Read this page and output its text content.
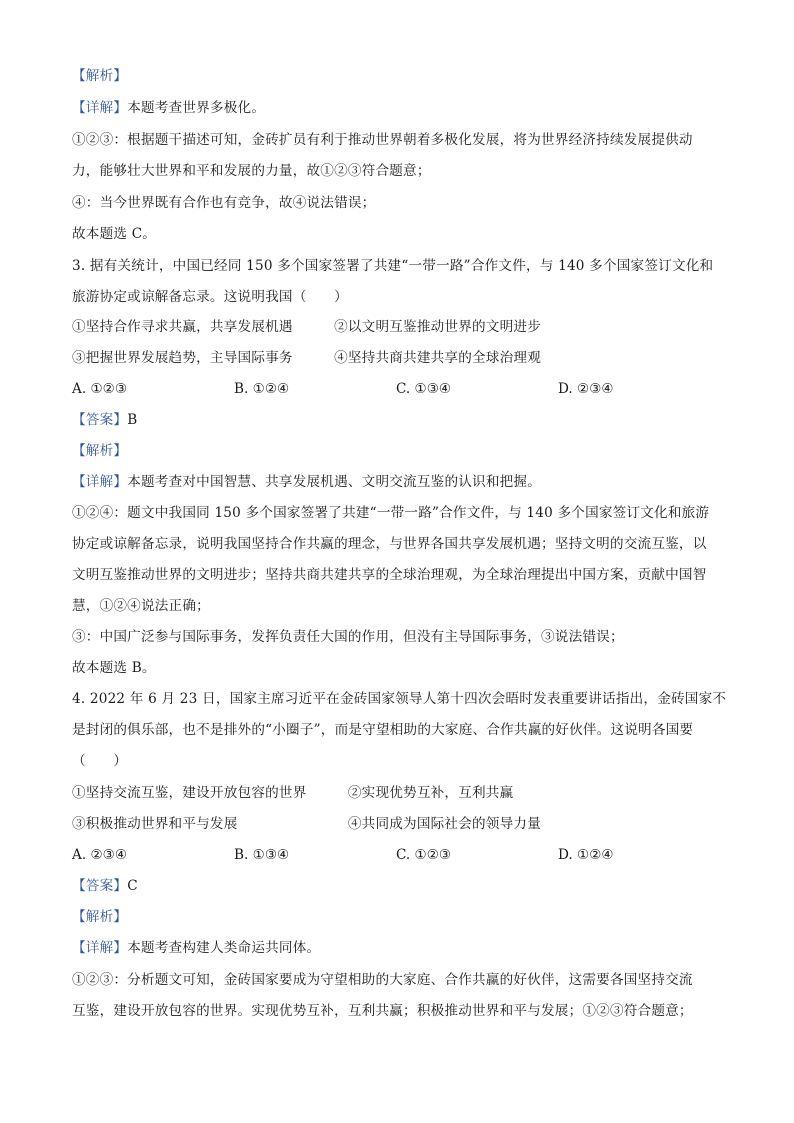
【解析】
【详解】本题考查世界多极化。
①②③：根据题干描述可知，金砖扩员有利于推动世界朝着多极化发展，将为世界经济持续发展提供动
力，能够壮大世界和平和发展的力量，故①②③符合题意；
④：当今世界既有合作也有竞争，故④说法错误；
故本题选 C。
3. 据有关统计，中国已经同 150 多个国家签署了共建“一带一路”合作文件，与 140 多个国家签订文化和
旅游协定或谅解备忘录。这说明我国（　　）
①坚持合作寻求共赢，共享发展机遇　　　②以文明互鉴推动世界的文明进步
③把握世界发展趋势，主导国际事务　　　④坚持共商共建共享的全球治理观
A. ①②③	B. ①②④	C. ①③④	D. ②③④
【答案】B
【解析】
【详解】本题考查对中国智慧、共享发展机遇、文明交流互鉴的认识和把握。
①②④：题文中我国同 150 多个国家签署了共建“一带一路”合作文件，与 140 多个国家签订文化和旅游
协定或谅解备忘录，说明我国坚持合作共赢的理念，与世界各国共享发展机遇；坚持文明的交流互鉴，以
文明互鉴推动世界的文明进步；坚持共商共建共享的全球治理观，为全球治理提出中国方案，贡献中国智
慧，①②④说法正确；
③：中国广泛参与国际事务，发挥负责任大国的作用，但没有主导国际事务，③说法错误；
故本题选 B。
4. 2022 年 6 月 23 日，国家主席习近平在金砖国家领导人第十四次会晤时发表重要讲话指出，金砖国家不
是封闭的俱乐部，也不是排外的“小圈子”，而是守望相助的大家庭、合作共赢的好伙伴。这说明各国要
（　　）
①坚持交流互鉴，建设开放包容的世界　　　②实现优势互补，互利共赢
③积极推动世界和平与发展　　　　　　　　④共同成为国际社会的领导力量
A. ②③④	B. ①③④	C. ①②③	D. ①②④
【答案】C
【解析】
【详解】本题考查构建人类命运共同体。
①②③：分析题文可知，金砖国家要成为守望相助的大家庭、合作共赢的好伙伴，这需要各国坚持交流
互鉴，建设开放包容的世界。实现优势互补，互利共赢；积极推动世界和平与发展；①②③符合题意；
